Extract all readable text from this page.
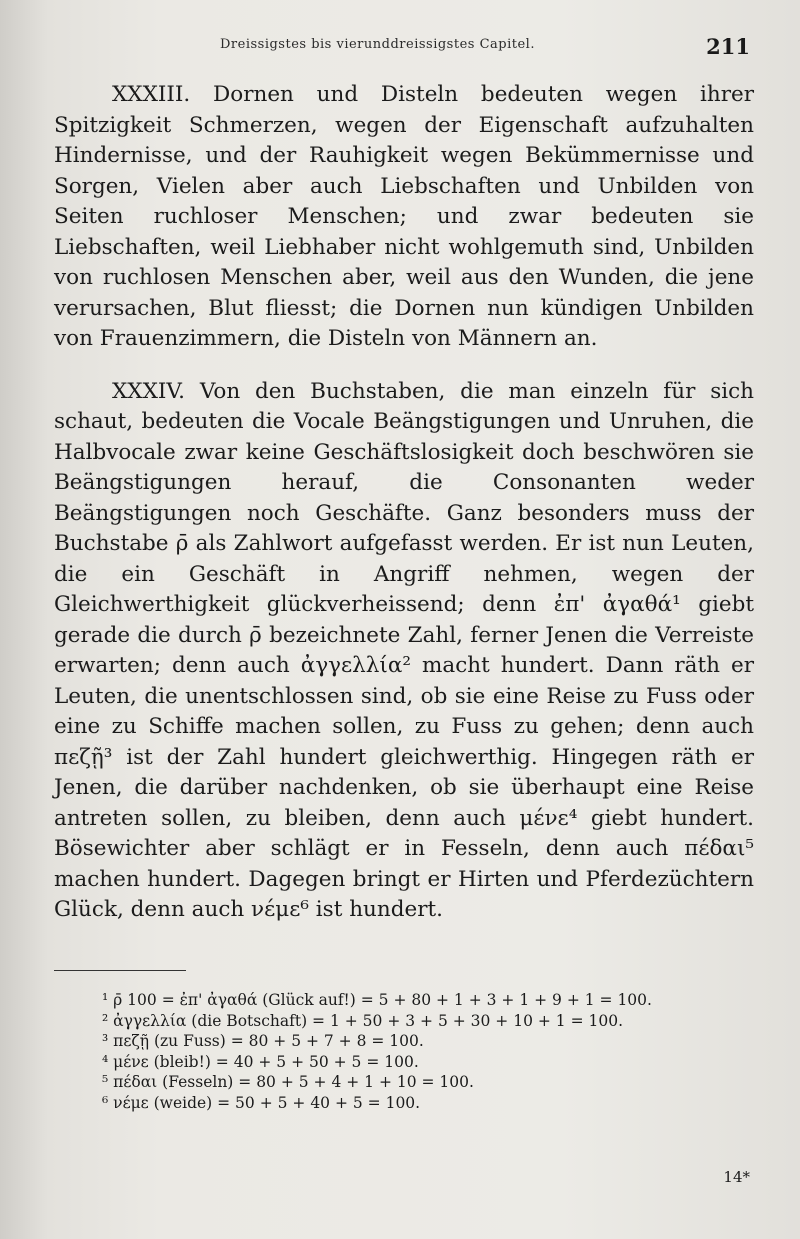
Dreissigstes bis vierunddreissigstes Capitel.	211

XXXIII. Dornen und Disteln bedeuten wegen ihrer Spitzigkeit Schmerzen, wegen der Eigenschaft aufzuhalten Hindernisse, und der Rauhigkeit wegen Bekümmernisse und Sorgen, Vielen aber auch Liebschaften und Unbilden von Seiten ruchloser Menschen; und zwar bedeuten sie Liebschaften, weil Liebhaber nicht wohlgemuth sind, Unbilden von ruchlosen Menschen aber, weil aus den Wunden, die jene verursachen, Blut fliesst; die Dornen nun kündigen Unbilden von Frauenzimmern, die Disteln von Männern an.

XXXIV. Von den Buchstaben, die man einzeln für sich schaut, bedeuten die Vocale Beängstigungen und Unruhen, die Halbvocale zwar keine Geschäftslosigkeit doch beschwören sie Beängstigungen herauf, die Consonanten weder Beängstigungen noch Geschäfte. Ganz besonders muss der Buchstabe ρ̄ als Zahlwort aufgefasst werden. Er ist nun Leuten, die ein Geschäft in Angriff nehmen, wegen der Gleichwerthigkeit glückverheissend; denn ἐπ' ἀγαθά¹ giebt gerade die durch ρ̄ bezeichnete Zahl, ferner Jenen die Verreiste erwarten; denn auch ἀγγελλία² macht hundert. Dann räth er Leuten, die unentschlossen sind, ob sie eine Reise zu Fuss oder eine zu Schiffe machen sollen, zu Fuss zu gehen; denn auch πεζῇ³ ist der Zahl hundert gleichwerthig. Hingegen räth er Jenen, die darüber nachdenken, ob sie überhaupt eine Reise antreten sollen, zu bleiben, denn auch μένε⁴ giebt hundert. Bösewichter aber schlägt er in Fesseln, denn auch πέδαι⁵ machen hundert. Dagegen bringt er Hirten und Pferdezüchtern Glück, denn auch νέμε⁶ ist hundert.

¹ ρ̄ 100 = ἐπ' ἀγαθά (Glück auf!) = 5 + 80 + 1 + 3 + 1 + 9 + 1 = 100.

² ἀγγελλία (die Botschaft) = 1 + 50 + 3 + 5 + 30 + 10 + 1 = 100.

³ πεζῇ (zu Fuss) = 80 + 5 + 7 + 8 = 100.

⁴ μένε (bleib!) = 40 + 5 + 50 + 5 = 100.

⁵ πέδαι (Fesseln) = 80 + 5 + 4 + 1 + 10 = 100.

⁶ νέμε (weide) = 50 + 5 + 40 + 5 = 100.

14*
